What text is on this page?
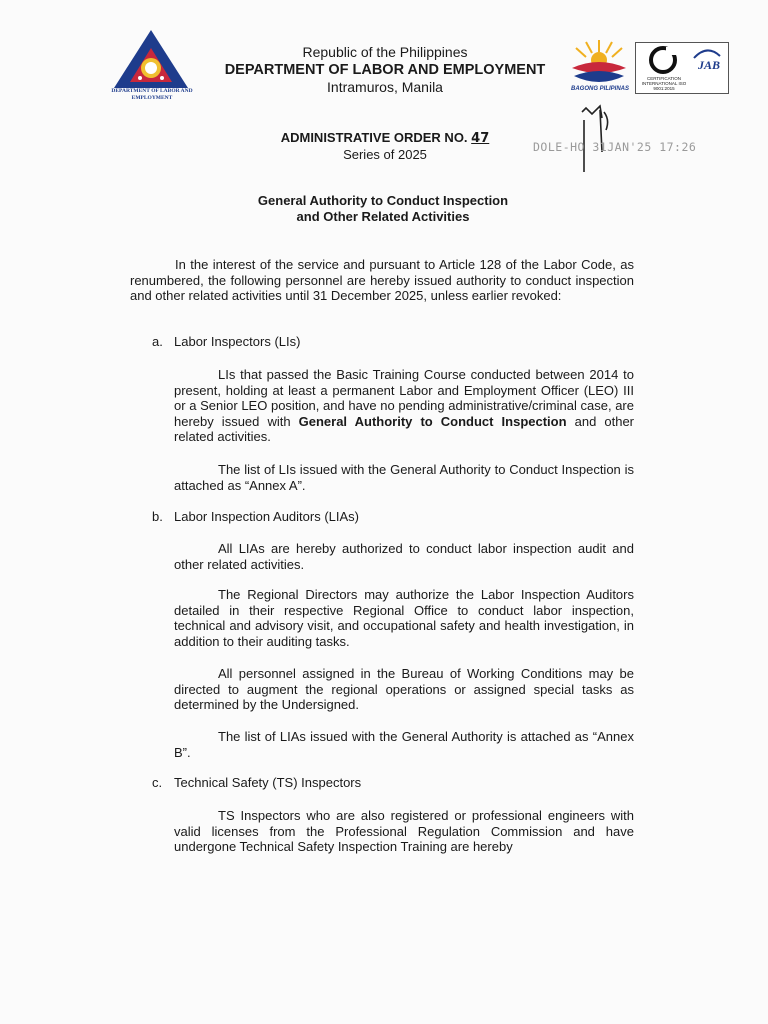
DEPARTMENT OF LABOR AND EMPLOYMENT
Republic of the Philippines
DEPARTMENT OF LABOR AND EMPLOYMENT
Intramuros, Manila	BAGONG PILIPINAS
JAB
CERTIFICATION INTERNATIONAL ISO 9001:2015
ADMINISTRATIVE ORDER NO. 47
Series of 2025	DOLE-HO 31JAN'25 17:26
General Authority to Conduct Inspection
and Other Related Activities
In the interest of the service and pursuant to Article 128 of the Labor Code, as renumbered, the following personnel are hereby issued authority to conduct inspection and other related activities until 31 December 2025, unless earlier revoked:
a. Labor Inspectors (LIs)
LIs that passed the Basic Training Course conducted between 2014 to present, holding at least a permanent Labor and Employment Officer (LEO) III or a Senior LEO position, and have no pending administrative/criminal case, are hereby issued with General Authority to Conduct Inspection and other related activities.
The list of LIs issued with the General Authority to Conduct Inspection is attached as “Annex A”.
b. Labor Inspection Auditors (LIAs)
All LIAs are hereby authorized to conduct labor inspection audit and other related activities.
The Regional Directors may authorize the Labor Inspection Auditors detailed in their respective Regional Office to conduct labor inspection, technical and advisory visit, and occupational safety and health investigation, in addition to their auditing tasks.
All personnel assigned in the Bureau of Working Conditions may be directed to augment the regional operations or assigned special tasks as determined by the Undersigned.
The list of LIAs issued with the General Authority is attached as “Annex B”.
c. Technical Safety (TS) Inspectors
TS Inspectors who are also registered or professional engineers with valid licenses from the Professional Regulation Commission and have undergone Technical Safety Inspection Training are hereby
